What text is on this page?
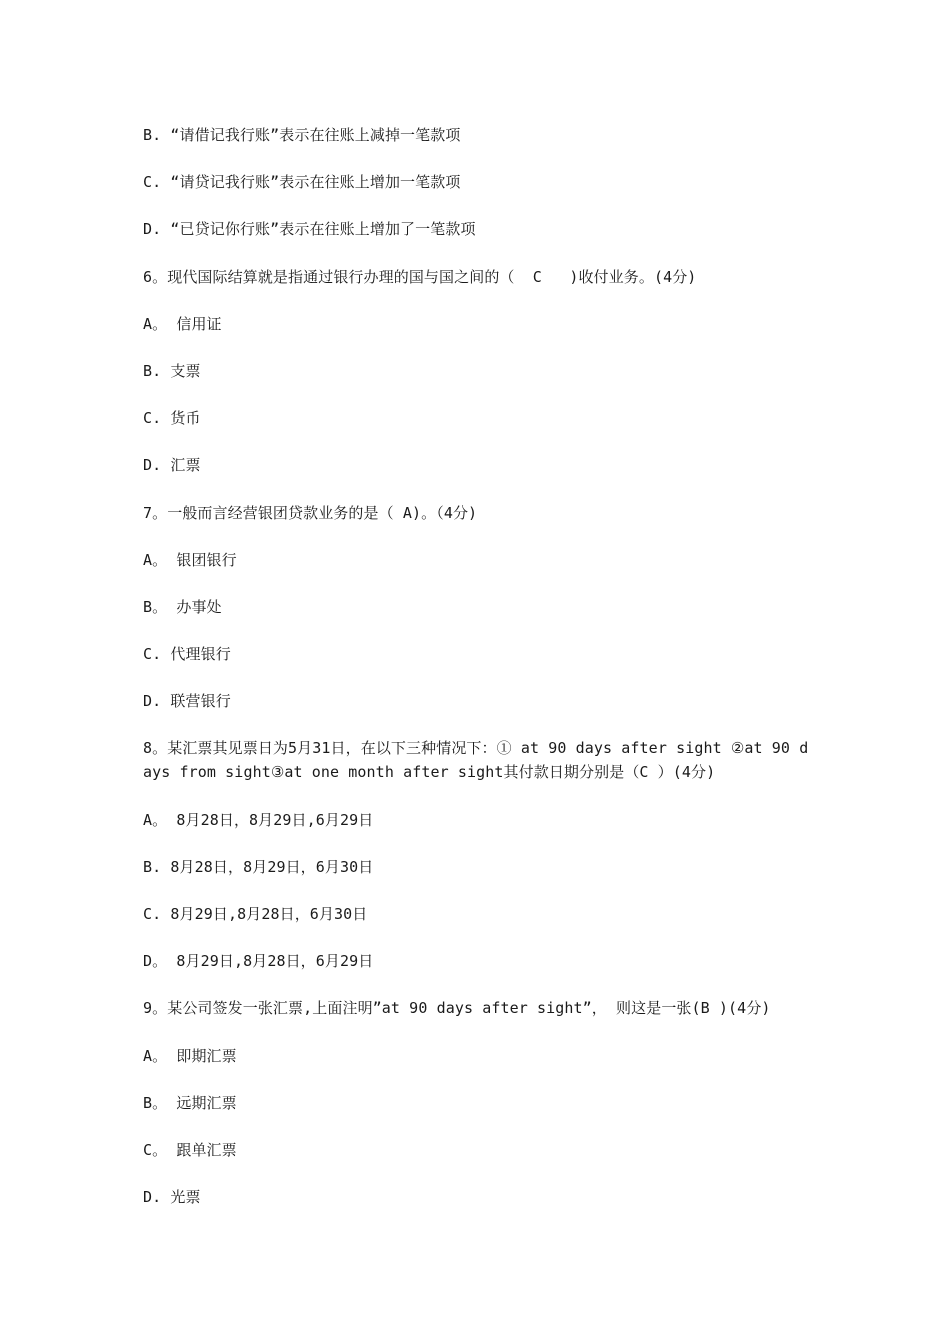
B. “请借记我行账”表示在往账上减掉一笔款项
C. “请贷记我行账”表示在往账上增加一笔款项
D. “已贷记你行账”表示在往账上增加了一笔款项
6。现代国际结算就是指通过银行办理的国与国之间的（  C   )收付业务。(4分)
A。 信用证
B. 支票
C. 货币
D. 汇票
7。一般而言经营银团贷款业务的是（ A)。（4分)
A。 银团银行
B。 办事处
C. 代理银行
D. 联营银行
8。某汇票其见票日为5月31日，在以下三种情况下：① at 90 days after sight ②at 90 days from sight③at one month after sight其付款日期分别是（C ）(4分)
A。 8月28日，8月29日,6月29日
B. 8月28日，8月29日，6月30日
C. 8月29日,8月28日，6月30日
D。 8月29日,8月28日，6月29日
9。某公司签发一张汇票,上面注明”at 90 days after sight”， 则这是一张(B )(4分)
A。 即期汇票
B。 远期汇票
C。 跟单汇票
D. 光票
